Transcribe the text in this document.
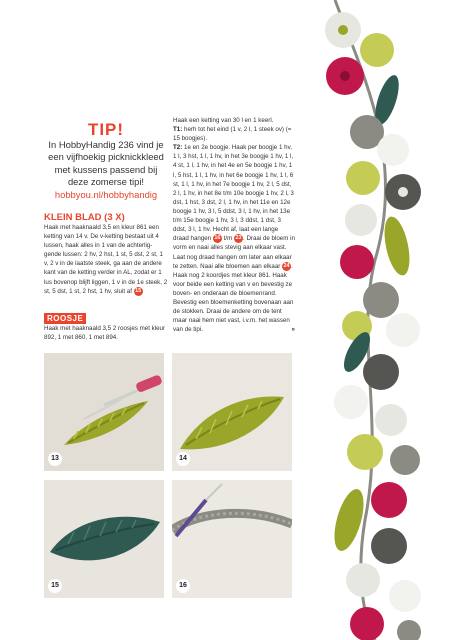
TIP!
In HobbyHandig 236 vind je een vijfhoekig picknickkleed met kussens passend bij deze zomerse tipi!
hobbyou.nl/hobbyhandig
KLEIN BLAD (3 X)
Haak met haaknaald 3,5 en kleur 861 een ketting van 14 v. De v-ketting bestaat uit 4 lussen, haak alles in 1 van de achterlig-gende lussen: 2 hv, 2 hst, 1 st, 5 dst, 2 st, 1 v, 2 v in de laatste steek, ga aan de andere kant van de ketting verder in AL, zodat er 1 lus bovenop blijft liggen, 1 v in de 1e steek, 2 st, 5 dst, 1 st, 2 hst, 1 hv, sluit af 15
ROOSJE
Haak met haaknaald 3,5 2 roosjes met kleur 892, 1 met 860, 1 met 894.
Haak een ketting van 30 l en 1 keerl.
T1: herh tot het eind (1 v, 2 l, 1 steek ov) (= 15 boogjes).
T2: 1e en 2e boogje. Haak per boogje 1 hv, 1 l, 3 hst, 1 l, 1 hv, in het 3e boogje 1 hv, 1 l, 4 st, 1 l, 1 hv, in het 4e en 5e boogje 1 hv, 1 l, 5 hst, 1 l, 1 hv, in het 6e boogje 1 hv, 1 l, 6 st, 1 l, 1 hv, in het 7e boogje 1 hv, 2 l, 5 dst, 2 l, 1 hv, in het 8e t/m 10e boogje 1 hv, 2 l, 3 dst, 1 hst, 3 dst, 2 l, 1 hv, in het 11e en 12e boogje 1 hv, 3 l, 5 ddst, 3 l, 1 hv, in het 13e t/m 15e boogje 1 hv, 3 l, 3 ddst, 1 dst, 3 ddst, 3 l, 1 hv. Hecht af, laat een lange draad hangen 16 t/m 23. Draai de bloem in vorm en naai alles stevig aan elkaar vast. Laat nog draad hangen om later aan elkaar te zetten. Naai alle bloemen aan elkaar 24. Haak nog 2 koordjes met kleur 861. Haak voor beide een ketting van v en bevestig ze boven- en onderaan de bloemenrand. Bevestig een bloemenketting bovenaan aan de stokken. Draai de andere om de tent maar naai hem niet vast, i.v.m. het wassen van de tipi.	»
13	14
15	16
